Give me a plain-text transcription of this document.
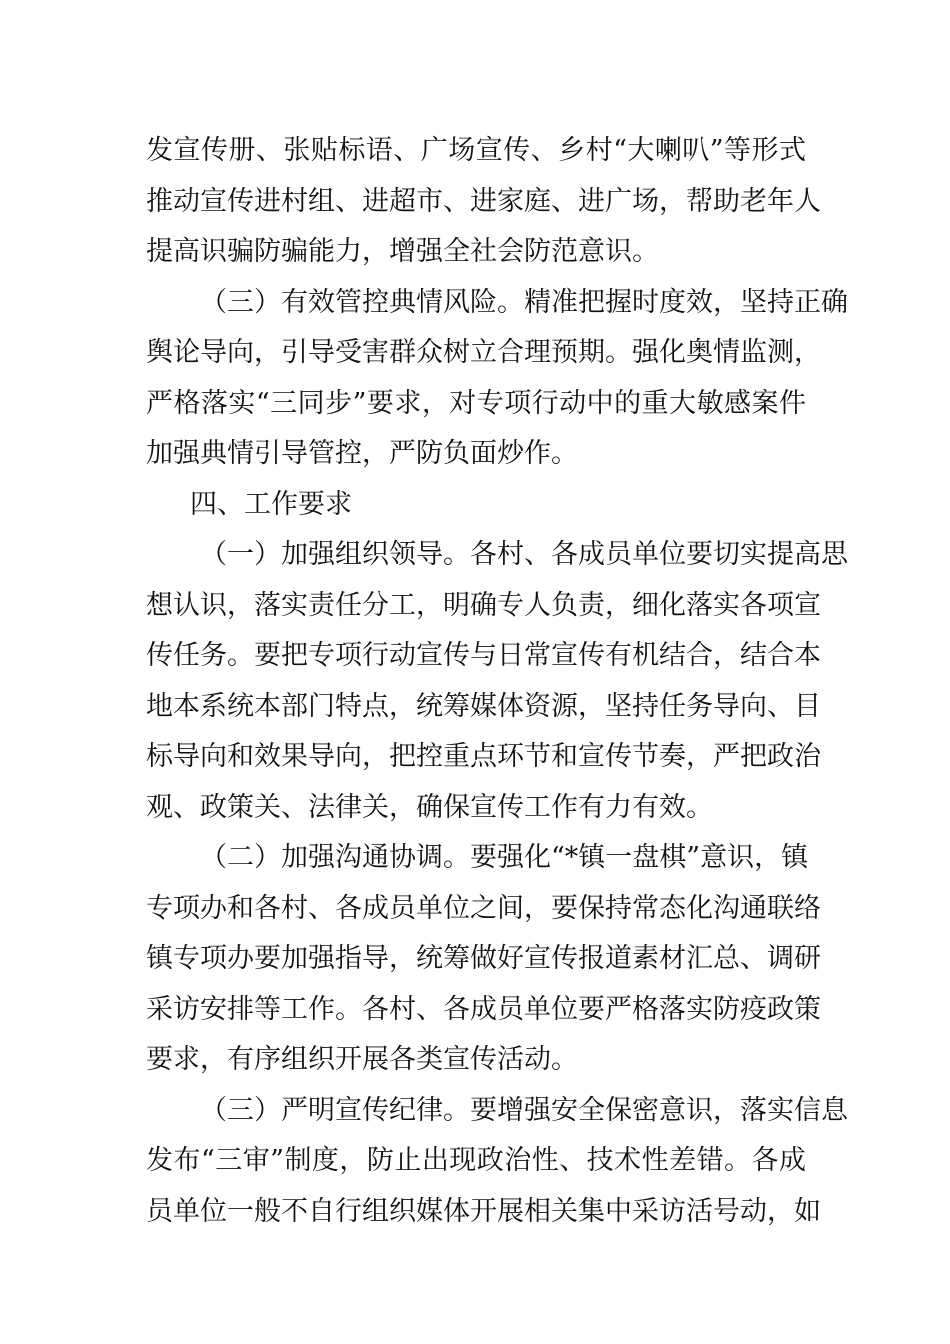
发宣传册、张贴标语、广场宣传、乡村“大喇叭”等形式
推动宣传进村组、进超市、进家庭、进广场，帮助老年人
提高识骗防骗能力，增强全社会防范意识。
（三）有效管控典情风险。精准把握时度效，坚持正确
舆论导向，引导受害群众树立合理预期。强化奥情监测，
严格落实“三同步”要求，对专项行动中的重大敏感案件
加强典情引导管控，严防负面炒作。
四、工作要求
（一）加强组织领导。各村、各成员单位要切实提高思
想认识，落实责任分工，明确专人负责，细化落实各项宣
传任务。要把专项行动宣传与日常宣传有机结合，结合本
地本系统本部门特点，统筹媒体资源，坚持任务导向、目
标导向和效果导向，把控重点环节和宣传节奏，严把政治
观、政策关、法律关，确保宣传工作有力有效。
（二）加强沟通协调。要强化“*镇一盘棋”意识，镇
专项办和各村、各成员单位之间，要保持常态化沟通联络
镇专项办要加强指导，统筹做好宣传报道素材汇总、调研
采访安排等工作。各村、各成员单位要严格落实防疫政策
要求，有序组织开展各类宣传活动。
（三）严明宣传纪律。要增强安全保密意识，落实信息
发布“三审”制度，防止出现政治性、技术性差错。各成
员单位一般不自行组织媒体开展相关集中采访活号动，如
